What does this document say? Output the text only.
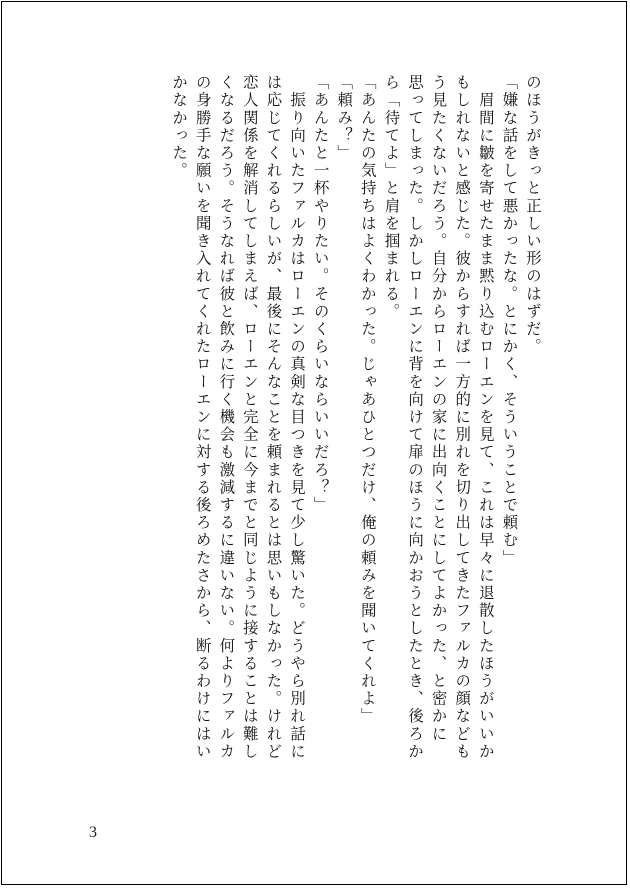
のほうがきっと正しい形のはずだ。
「嫌な話をして悪かったな。とにかく、そういうことで頼む」
　眉間に皺を寄せたまま黙り込むローエンを見て、これは早々に退散したほうがいいか
もしれないと感じた。彼からすれば一方的に別れを切り出してきたファルカの顔なども
う見たくないだろう。自分からローエンの家に出向くことにしてよかった、と密かに
思ってしまった。しかしローエンに背を向けて扉のほうに向かおうとしたとき、後ろか
ら「待てよ」と肩を掴まれる。
「あんたの気持ちはよくわかった。じゃあひとつだけ、俺の頼みを聞いてくれよ」
「頼み？」
「あんたと一杯やりたい。そのくらいならいいだろ？」
　振り向いたファルカはローエンの真剣な目つきを見て少し驚いた。どうやら別れ話に
は応じてくれるらしいが、最後にそんなことを頼まれるとは思いもしなかった。けれど
恋人関係を解消してしまえば、ローエンと完全に今までと同じように接することは難し
くなるだろう。そうなれば彼と飲みに行く機会も激減するに違いない。何よりファルカ
の身勝手な願いを聞き入れてくれたローエンに対する後ろめたさから、断るわけにはい
かなかった。
3
